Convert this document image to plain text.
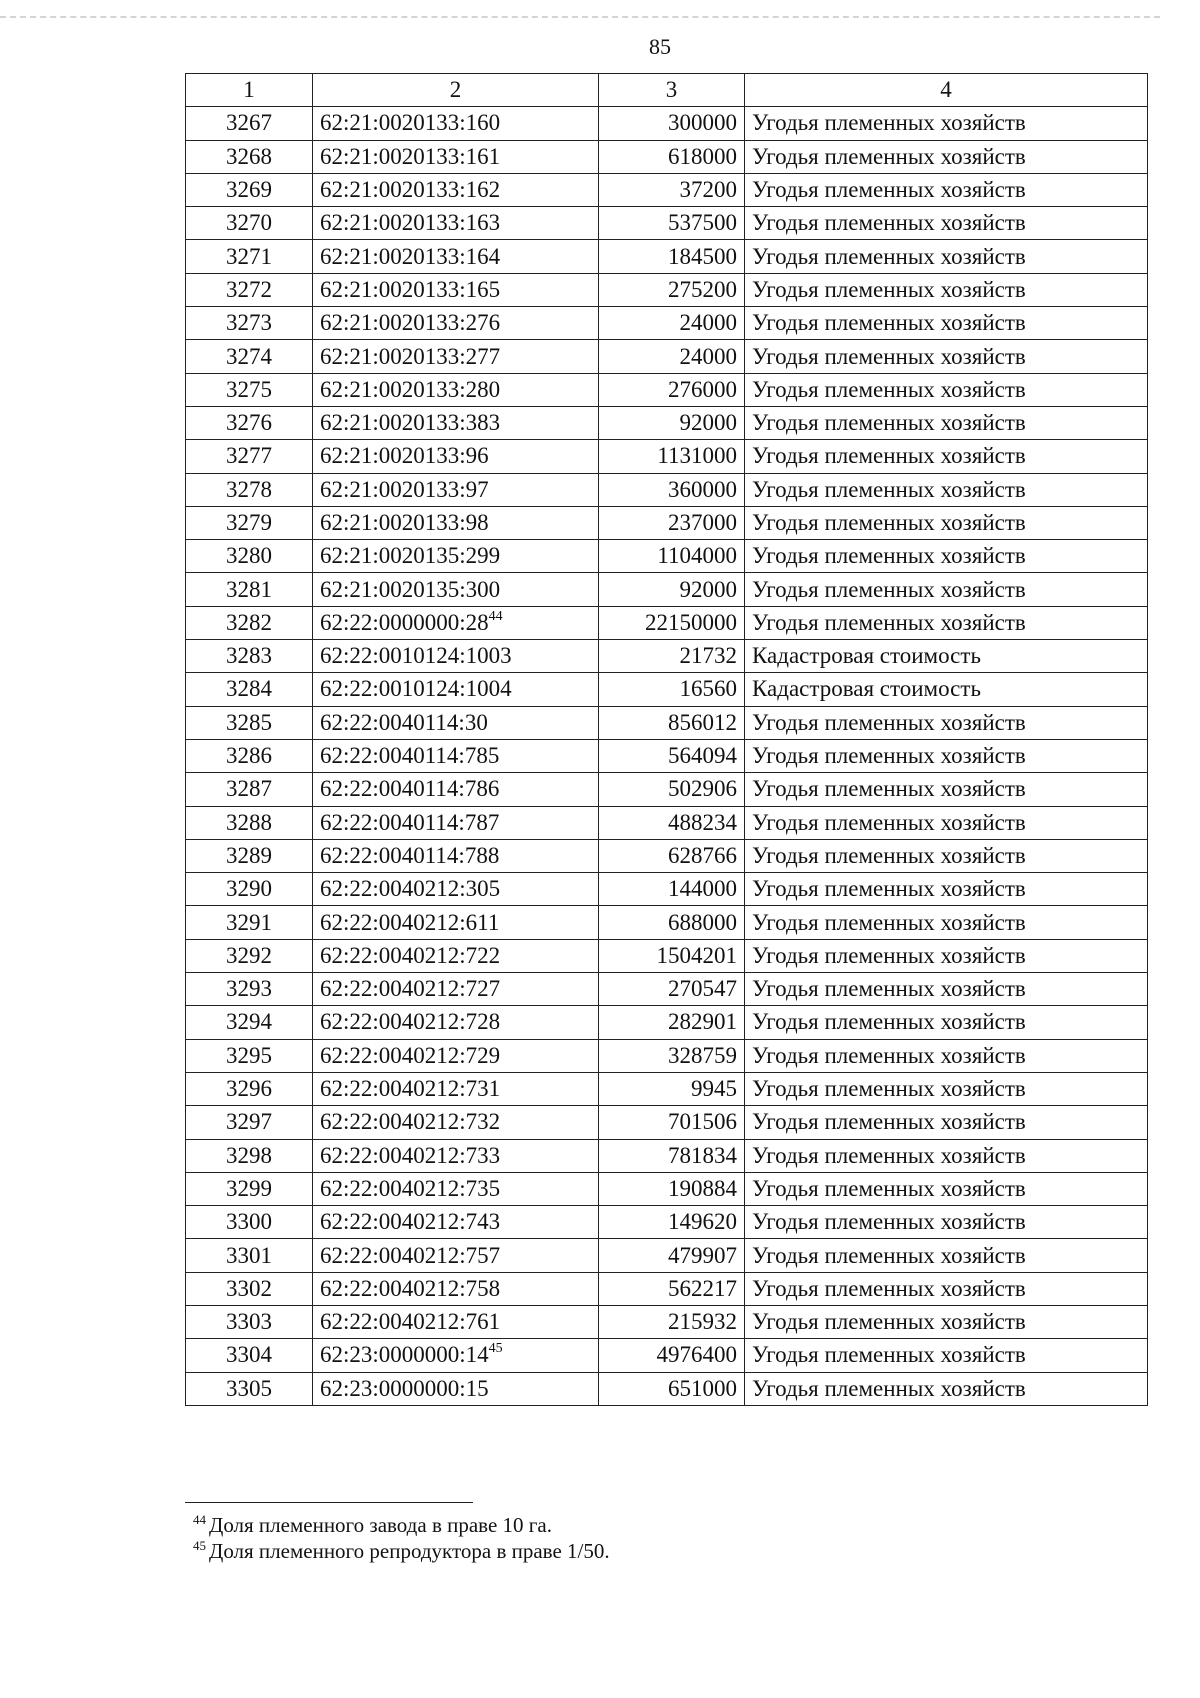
85
1	2	3	4
3267	62:21:0020133:160	300000	Угодья племенных хозяйств
3268	62:21:0020133:161	618000	Угодья племенных хозяйств
3269	62:21:0020133:162	37200	Угодья племенных хозяйств
3270	62:21:0020133:163	537500	Угодья племенных хозяйств
3271	62:21:0020133:164	184500	Угодья племенных хозяйств
3272	62:21:0020133:165	275200	Угодья племенных хозяйств
3273	62:21:0020133:276	24000	Угодья племенных хозяйств
3274	62:21:0020133:277	24000	Угодья племенных хозяйств
3275	62:21:0020133:280	276000	Угодья племенных хозяйств
3276	62:21:0020133:383	92000	Угодья племенных хозяйств
3277	62:21:0020133:96	1131000	Угодья племенных хозяйств
3278	62:21:0020133:97	360000	Угодья племенных хозяйств
3279	62:21:0020133:98	237000	Угодья племенных хозяйств
3280	62:21:0020135:299	1104000	Угодья племенных хозяйств
3281	62:21:0020135:300	92000	Угодья племенных хозяйств
3282	62:22:0000000:28$^{44}$	22150000	Угодья племенных хозяйств
3283	62:22:0010124:1003	21732	Кадастровая стоимость
3284	62:22:0010124:1004	16560	Кадастровая стоимость
3285	62:22:0040114:30	856012	Угодья племенных хозяйств
3286	62:22:0040114:785	564094	Угодья племенных хозяйств
3287	62:22:0040114:786	502906	Угодья племенных хозяйств
3288	62:22:0040114:787	488234	Угодья племенных хозяйств
3289	62:22:0040114:788	628766	Угодья племенных хозяйств
3290	62:22:0040212:305	144000	Угодья племенных хозяйств
3291	62:22:0040212:611	688000	Угодья племенных хозяйств
3292	62:22:0040212:722	1504201	Угодья племенных хозяйств
3293	62:22:0040212:727	270547	Угодья племенных хозяйств
3294	62:22:0040212:728	282901	Угодья племенных хозяйств
3295	62:22:0040212:729	328759	Угодья племенных хозяйств
3296	62:22:0040212:731	9945	Угодья племенных хозяйств
3297	62:22:0040212:732	701506	Угодья племенных хозяйств
3298	62:22:0040212:733	781834	Угодья племенных хозяйств
3299	62:22:0040212:735	190884	Угодья племенных хозяйств
3300	62:22:0040212:743	149620	Угодья племенных хозяйств
3301	62:22:0040212:757	479907	Угодья племенных хозяйств
3302	62:22:0040212:758	562217	Угодья племенных хозяйств
3303	62:22:0040212:761	215932	Угодья племенных хозяйств
3304	62:23:0000000:14$^{45}$	4976400	Угодья племенных хозяйств
3305	62:23:0000000:15	651000	Угодья племенных хозяйств
$^{44}$ Доля племенного завода в праве 10 га.
$^{45}$ Доля племенного репродуктора в праве 1/50.
